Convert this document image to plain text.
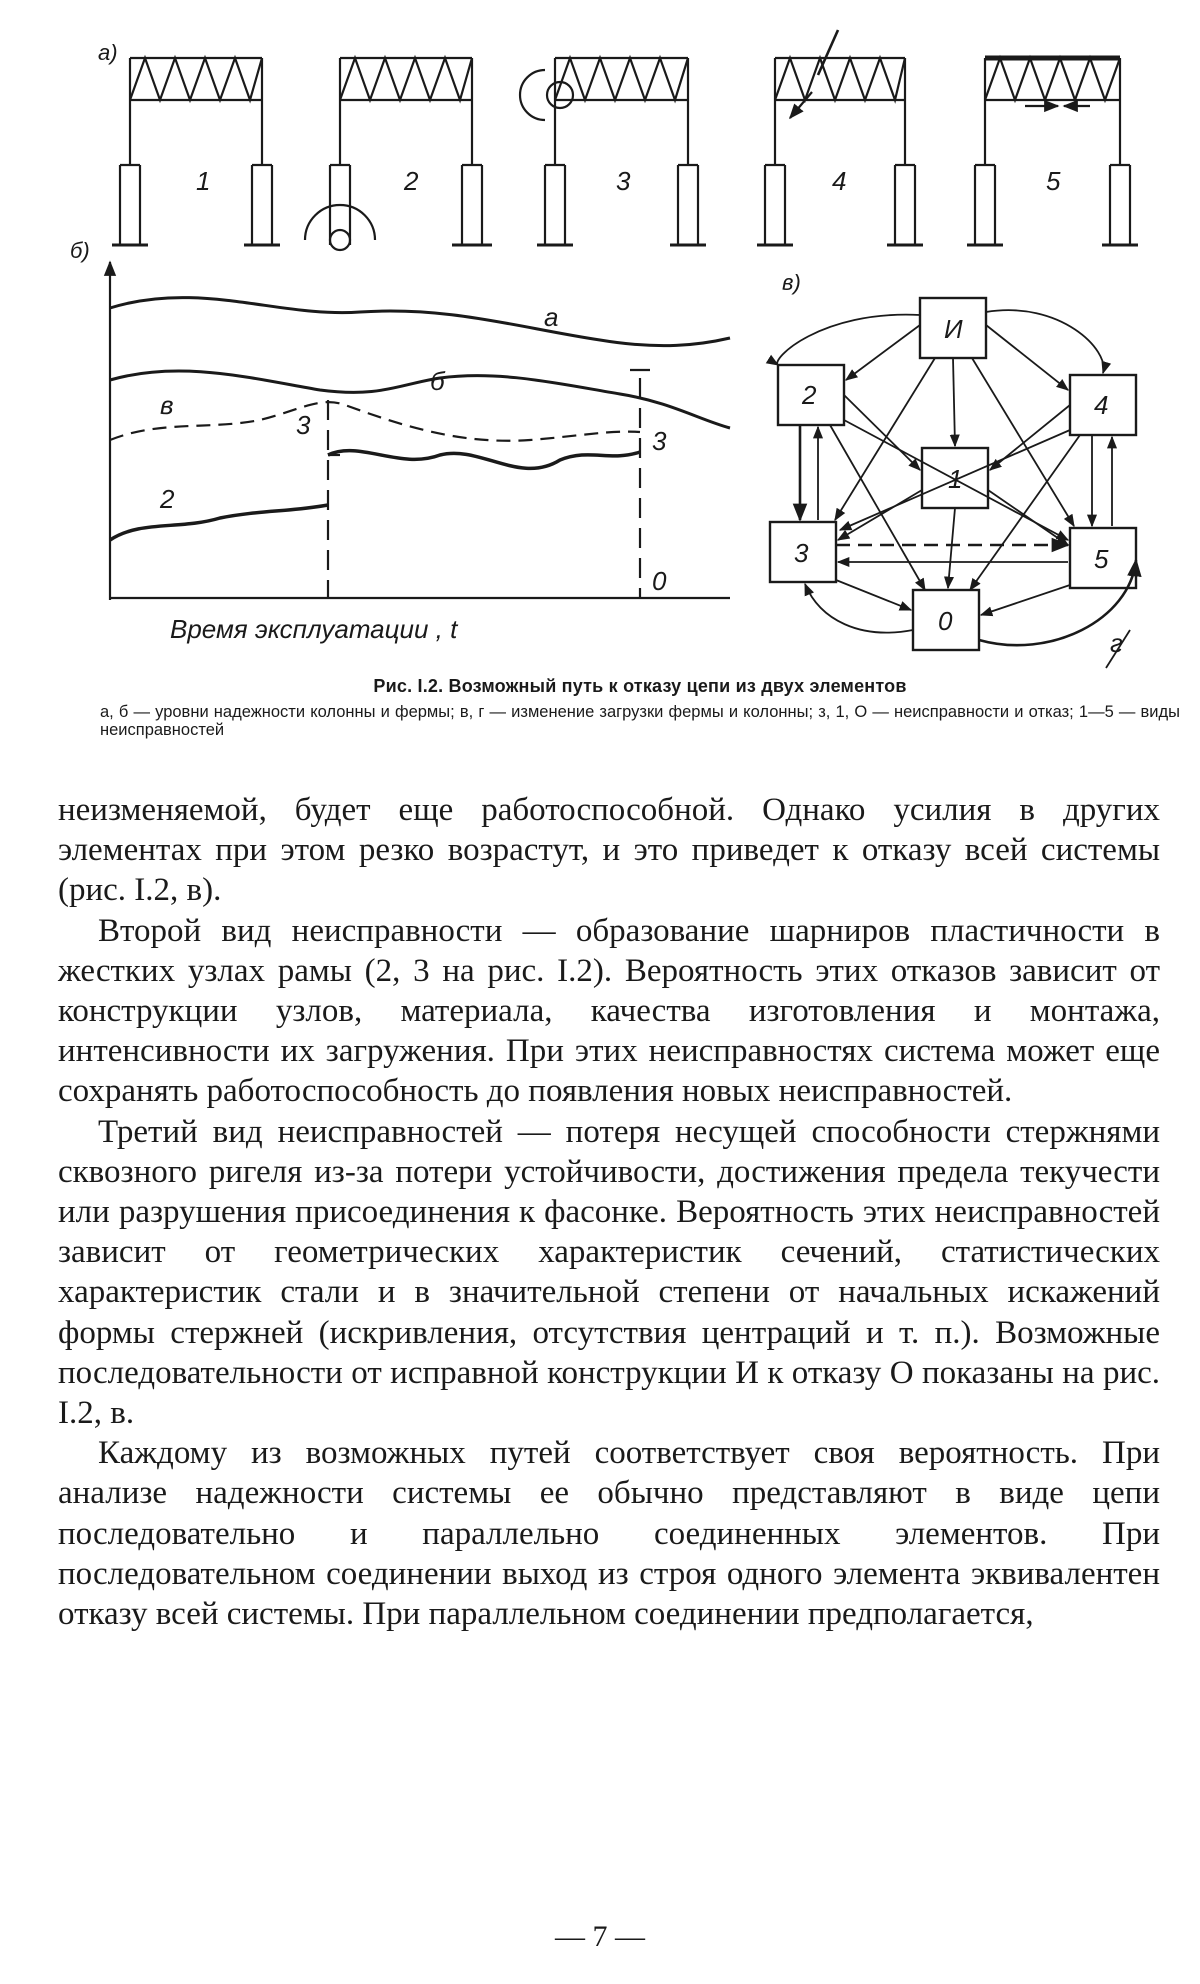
а)
б)
в)
1	2	3	4	5
а
б
в
2
3
3
0
Время эксплуатации , t
И
2	4
1
3	5
0
г
Рис. I.2. Возможный путь к отказу цепи из двух элементов
а, б — уровни надежности колонны и фермы; в, г — изменение загрузки фермы и колонны; з, 1, О — неисправности и отказ; 1—5 — виды неисправностей

неизменяемой, будет еще работоспособной. Однако усилия в других элементах при этом резко возрастут, и это приведет к отказу всей системы (рис. I.2, в).

Второй вид неисправности — образование шарниров пластичности в жестких узлах рамы (2, 3 на рис. I.2). Вероятность этих отказов зависит от конструкции узлов, материала, качества изготовления и монтажа, интенсивности их загружения. При этих неисправностях система может еще сохранять работоспособность до появления новых неисправностей.

Третий вид неисправностей — потеря несущей способности стержнями сквозного ригеля из-за потери устойчивости, достижения предела текучести или разрушения присоединения к фасонке. Вероятность этих неисправностей зависит от геометрических характеристик сечений, статистических характеристик стали и в значительной степени от начальных искажений формы стержней (искривления, отсутствия центраций и т. п.). Возможные последовательности от исправной конструкции И к отказу О показаны на рис. I.2, в.

Каждому из возможных путей соответствует своя вероятность. При анализе надежности системы ее обычно представляют в виде цепи последовательно и параллельно соединенных элементов. При последовательном соединении выход из строя одного элемента эквивалентен отказу всей системы. При параллельном соединении предполагается,

— 7 —
